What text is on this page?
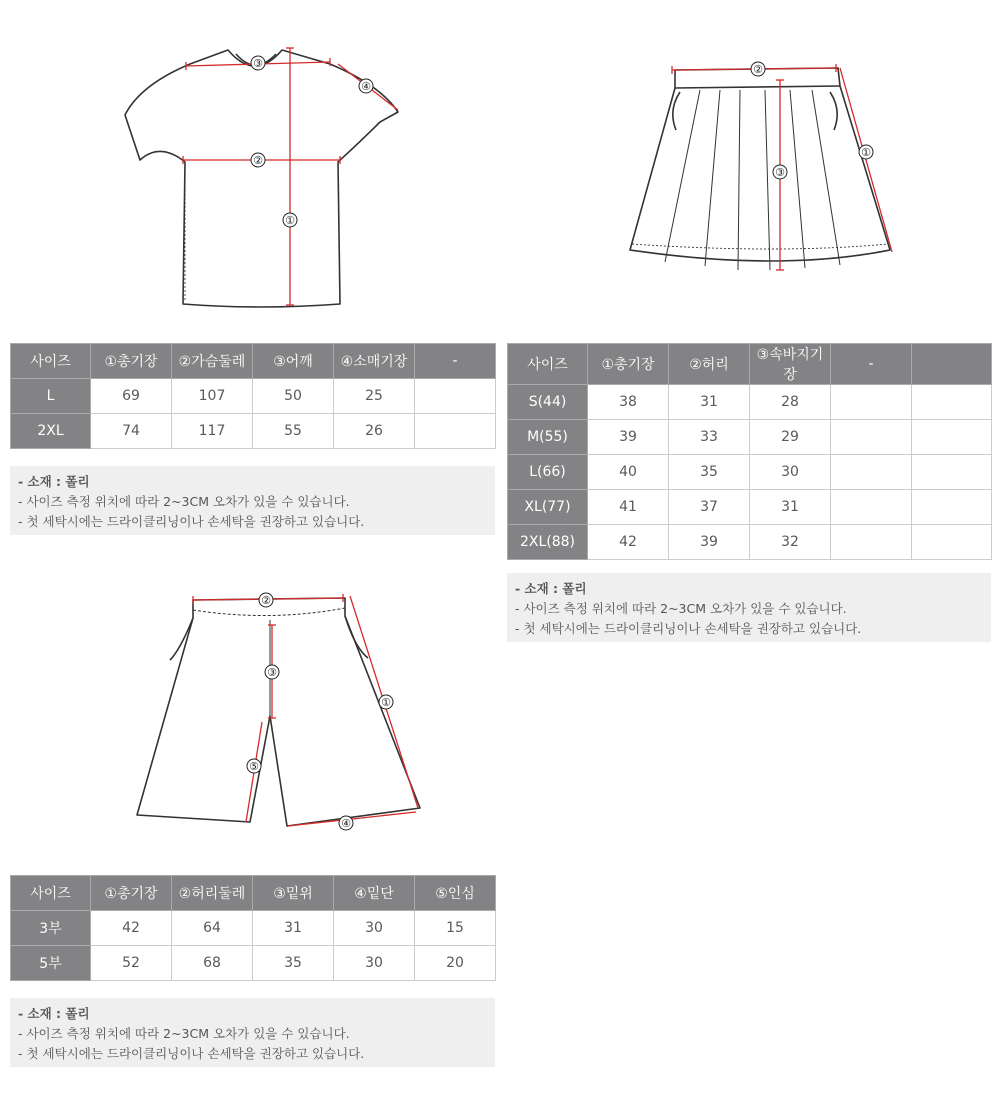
①
②
③
④
①
②
③
①
②
③
④
⑤
사이즈	①총기장	②가슴둘레	③어깨	④소매기장	-
L	69	107	50	25	
2XL	74	117	55	26	
- 소재 : 폴리
- 사이즈 측정 위치에 따라 2~3CM 오차가 있을 수 있습니다.
- 첫 세탁시에는 드라이클리닝이나 손세탁을 권장하고 있습니다.
사이즈	①총기장	②허리	③속바지기장	-	
S(44)	38	31	28		
M(55)	39	33	29		
L(66)	40	35	30		
XL(77)	41	37	31		
2XL(88)	42	39	32		
- 소재 : 폴리
- 사이즈 측정 위치에 따라 2~3CM 오차가 있을 수 있습니다.
- 첫 세탁시에는 드라이클리닝이나 손세탁을 권장하고 있습니다.
사이즈	①총기장	②허리둘레	③밑위	④밑단	⑤인심
3부	42	64	31	30	15
5부	52	68	35	30	20
- 소재 : 폴리
- 사이즈 측정 위치에 따라 2~3CM 오차가 있을 수 있습니다.
- 첫 세탁시에는 드라이클리닝이나 손세탁을 권장하고 있습니다.
